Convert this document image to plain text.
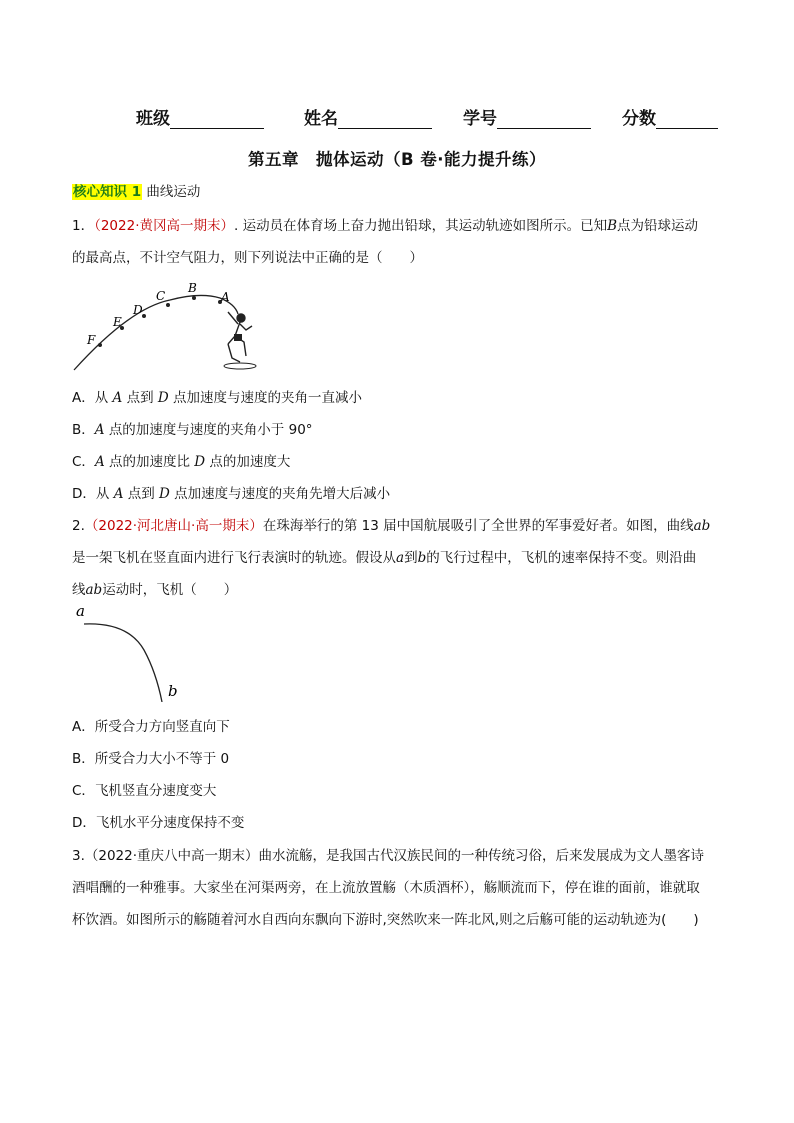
班级	姓名	学号	分数
第五章　抛体运动（B 卷·能力提升练）
核心知识 1 曲线运动
1．（2022·黄冈高一期末）. 运动员在体育场上奋力抛出铅球，其运动轨迹如图所示。已知B点为铅球运动
的最高点，不计空气阻力，则下列说法中正确的是（　　）
F
E
D
C
B
A
A．从 A 点到 D 点加速度与速度的夹角一直减小
B．A 点的加速度与速度的夹角小于 90°
C．A 点的加速度比 D 点的加速度大
D．从 A 点到 D 点加速度与速度的夹角先增大后减小
2.（2022·河北唐山·高一期末）在珠海举行的第 13 届中国航展吸引了全世界的军事爱好者。如图，曲线ab
是一架飞机在竖直面内进行飞行表演时的轨迹。假设从a到b的飞行过程中，飞机的速率保持不变。则沿曲
线ab运动时，飞机（　　）
a
b
A．所受合力方向竖直向下
B．所受合力大小不等于 0
C．飞机竖直分速度变大
D．飞机水平分速度保持不变
3.（2022·重庆八中高一期末）曲水流觞，是我国古代汉族民间的一种传统习俗，后来发展成为文人墨客诗
酒唱酬的一种雅事。大家坐在河渠两旁，在上流放置觞（木质酒杯），觞顺流而下，停在谁的面前，谁就取
杯饮酒。如图所示的觞随着河水自西向东飘向下游时,突然吹来一阵北风,则之后觞可能的运动轨迹为(　　)
